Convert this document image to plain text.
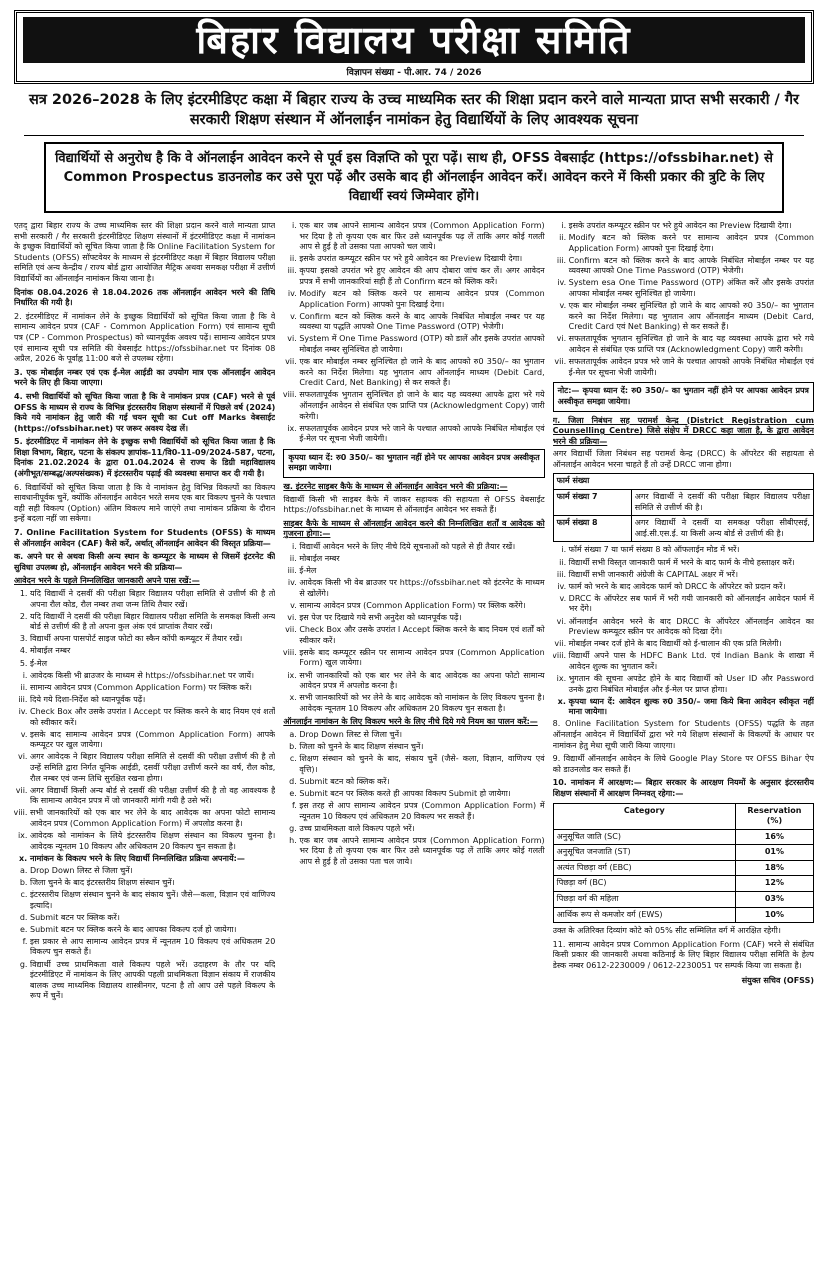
बिहार विद्यालय परीक्षा समिति
विज्ञापन संख्या - पी.आर. 74 / 2026
सत्र 2026–2028 के लिए इंटरमीडिएट कक्षा में बिहार राज्य के उच्च माध्यमिक स्तर की शिक्षा प्रदान करने वाले मान्यता प्राप्त सभी सरकारी / गैर सरकारी शिक्षण संस्थान में ऑनलाईन नामांकन हेतु विद्यार्थियों के लिए आवश्यक सूचना
विद्यार्थियों से अनुरोध है कि वे ऑनलाईन आवेदन करने से पूर्व इस विज्ञप्ति को पूरा पढ़ें। साथ ही, OFSS वेबसाईट (https://ofssbihar.net) से Common Prospectus डाउनलोड कर उसे पूरा पढ़ें और उसके बाद ही ऑनलाईन आवेदन करें। आवेदन करने में किसी प्रकार की त्रुटि के लिए विद्यार्थी स्वयं जिम्मेवार होंगे।

एतद् द्वारा बिहार राज्य के उच्च माध्यमिक स्तर की शिक्षा प्रदान करने वाले मान्यता प्राप्त सभी सरकारी / गैर सरकारी इंटरमीडिएट शिक्षण संस्थानों में इंटरमीडिएट कक्षा में नामांकन के इच्छुक विद्यार्थियों को सूचित किया जाता है कि Online Facilitation System for Students (OFSS) सॉफ्टवेयर के माध्यम से इंटरमीडिएट कक्षा में बिहार विद्यालय परीक्षा समिति एवं अन्य केन्द्रीय / राज्य बोर्ड द्वारा आयोजित मैट्रिक अथवा समकक्ष परीक्षा में उत्तीर्ण विद्यार्थियों का ऑनलाईन नामांकन किया जाना है।

दिनांक 08.04.2026 से 18.04.2026 तक ऑनलाईन आवेदन भरने की तिथि निर्धारित की गयी है।

2. इंटरमीडिएट में नामांकन लेने के इच्छुक विद्यार्थियों को सूचित किया जाता है कि वे सामान्य आवेदन प्रपत्र (CAF - Common Application Form) एवं सामान्य सूची पत्र (CP - Common Prospectus) को ध्यानपूर्वक अवश्य पढ़ें। सामान्य आवेदन प्रपत्र एवं सामान्य सूची पत्र समिति की वेबसाईट https://ofssbihar.net पर दिनांक 08 अप्रैल, 2026 के पूर्वाह्न 11:00 बजे से उपलब्ध रहेगा।

3. एक मोबाईल नम्बर एवं एक ई-मेल आईडी का उपयोग मात्र एक ऑनलाईन आवेदन भरने के लिए ही किया जाएगा।

4. सभी विद्यार्थियों को सूचित किया जाता है कि वे नामांकन प्रपत्र (CAF) भरने से पूर्व OFSS के माध्यम से राज्य के विभिन्न इंटरस्तरीय शिक्षण संस्थानों में पिछले वर्ष (2024) किये गये नामांकन हेतु जारी की गई चयन सूची का Cut off Marks वेबसाईट (https://ofssbihar.net) पर जरूर अवश्य देख लें।

5. इंटरमीडिएट में नामांकन लेने के इच्छुक सभी विद्यार्थियों को सूचित किया जाता है कि शिक्षा विभाग, बिहार, पटना के संकल्प ज्ञापांक-11/वि0-11-09/2024-587, पटना, दिनांक 21.02.2024 के द्वारा 01.04.2024 से राज्य के डिग्री महाविद्यालय (अंगीभूत/सम्बद्ध/अल्पसंख्यक) में इंटरस्तरीय पढ़ाई की व्यवस्था समाप्त कर दी गयी है।

6. विद्यार्थियों को सूचित किया जाता है कि वे नामांकन हेतु विभिन्न विकल्पों का विकल्प सावधानीपूर्वक चुनें, क्योंकि ऑनलाईन आवेदन भरते समय एक बार विकल्प चुनने के पश्चात वही सही विकल्प (Option) अंतिम विकल्प माने जाएंगे तथा नामांकन प्रक्रिया के दौरान इन्हें बदला नहीं जा सकेगा।

7. Online Facilitation System for Students (OFSS) के माध्यम से ऑनलाईन आवेदन (CAF) कैसे करें, अर्थात् ऑनलाईन आवेदन की विस्तृत प्रक्रिया—

क. अपने घर से अथवा किसी अन्य स्थान के कम्प्यूटर के माध्यम से जिसमें इंटरनेट की सुविधा उपलब्ध हो, ऑनलाईन आवेदन भरने की प्रक्रिया—

आवेदन भरने के पहले निम्नलिखित जानकारी अपने पास रखें:—
1. यदि विद्यार्थी ने दसवीं की परीक्षा बिहार विद्यालय परीक्षा समिति से उत्तीर्ण की है तो अपना रौल कोड, रौल नम्बर तथा जन्म तिथि तैयार रखें।
2. यदि विद्यार्थी ने दसवीं की परीक्षा बिहार विद्यालय परीक्षा समिति के समकक्ष किसी अन्य बोर्ड से उत्तीर्ण की है तो अपना कुल अंक एवं प्राप्तांक तैयार रखें।
3. विद्यार्थी अपना पासपोर्ट साइज फोटो का स्कैन कॉपी कम्प्यूटर में तैयार रखें।
4. मोबाईल नम्बर
5. ई-मेल
i. आवेदक किसी भी ब्राउजर के माध्यम से https://ofssbihar.net पर जायें।
ii. सामान्य आवेदन प्रपत्र (Common Application Form) पर क्लिक करें।
iii. दिये गये दिशा-निर्देश को ध्यानपूर्वक पढ़ें।
iv. Check Box और उसके उपरांत I Accept पर क्लिक करने के बाद नियम एवं शर्तों को स्वीकार करें।
v. इसके बाद सामान्य आवेदन प्रपत्र (Common Application Form) आपके कम्प्यूटर पर खुल जायेगा।
vi. अगर आवेदक ने बिहार विद्यालय परीक्षा समिति से दसवीं की परीक्षा उत्तीर्ण की है तो उन्हें समिति द्वारा निर्गत यूनिक आईडी, दसवीं परीक्षा उत्तीर्ण करने का वर्ष, रौल कोड, रौल नम्बर एवं जन्म तिथि सुरक्षित रखना होगा।
vii. अगर विद्यार्थी किसी अन्य बोर्ड से दसवीं की परीक्षा उत्तीर्ण की है तो वह आवश्यक है कि सामान्य आवेदन प्रपत्र में जो जानकारी मांगी गयी है उसे भरें।
viii. सभी जानकारियों को एक बार भर लेने के बाद आवेदक का अपना फोटो सामान्य आवेदन प्रपत्र (Common Application Form) में अपलोड करना है।
ix. आवेदक को नामांकन के लिये इंटरस्तरीय शिक्षण संस्थान का विकल्प चुनना है। आवेदक न्यूनतम 10 विकल्प और अधिकतम 20 विकल्प चुन सकता है।
x. नामांकन के विकल्प भरने के लिए विद्यार्थी निम्नलिखित प्रक्रिया अपनायें:—
a. Drop Down लिस्ट से जिला चुनें।
b. जिला चुनने के बाद इंटरस्तरीय शिक्षण संस्थान चुनें।
c. इंटरस्तरीय शिक्षण संस्थान चुनने के बाद संकाय चुनें। जैसे—कला, विज्ञान एवं वाणिज्य इत्यादि।
d. Submit बटन पर क्लिक करें।
e. Submit बटन पर क्लिक करने के बाद आपका विकल्प दर्ज हो जायेगा।
f. इस प्रकार से आप सामान्य आवेदन प्रपत्र में न्यूनतम 10 विकल्प एवं अधिकतम 20 विकल्प चुन सकते हैं।
g. विद्यार्थी उच्च प्राथमिकता वाले विकल्प पहले भरें। उदाहरण के तौर पर यदि इंटरमीडिएट में नामांकन के लिए आपकी पहली प्राथमिकता विज्ञान संकाय में राजकीय बालक उच्च माध्यमिक विद्यालय शास्त्रीनगर, पटना है तो आप उसे पहले विकल्प के रूप में चुनें।
i. एक बार जब आपने सामान्य आवेदन प्रपत्र (Common Application Form) भर दिया है तो कृपया एक बार फिर उसे ध्यानपूर्वक पढ़ लें ताकि अगर कोई गलती आप से हुई है तो उसका पता आपको चल जाये।
ii. इसके उपरांत कम्प्यूटर स्क्रीन पर भरे हुये आवेदन का Preview दिखायी देगा।
iii. कृपया इसको उपरांत भरे हुए आवेदन की आप दोबारा जांच कर लें। अगर आवेदन प्रपत्र में सभी जानकारियां सही हैं तो Confirm बटन को क्लिक करें।
iv. Modify बटन को क्लिक करने पर सामान्य आवेदन प्रपत्र (Common Application Form) आपको पुनः दिखाई देगा।
v. Confirm बटन को क्लिक करने के बाद आपके निबंधित मोबाईल नम्बर पर यह व्यवस्था या पद्धति आपको One Time Password (OTP) भेजेगी।
vi. System में One Time Password (OTP) को डालें और इसके उपरांत आपको मोबाईल नम्बर सुनिश्चित हो जायेगा।
vii. एक बार मोबाईल नम्बर सुनिश्चित हो जाने के बाद आपको रु0 350/– का भुगतान करने का निर्देश मिलेगा। यह भुगतान आप ऑनलाईन माध्यम (Debit Card, Credit Card, Net Banking) से कर सकते हैं।
viii. सफलतापूर्वक भुगतान सुनिश्चित हो जाने के बाद यह व्यवस्था आपके द्वारा भरे गये ऑनलाईन आवेदन से संबंधित एक प्राप्ति पत्र (Acknowledgment Copy) जारी करेगी।
ix. सफलतापूर्वक आवेदन प्रपत्र भरे जाने के पश्चात आपको आपके निबंधित मोबाईल एवं ई-मेल पर सूचना भेजी जायेगी।
कृपया ध्यान दें: रु0 350/– का भुगतान नहीं होने पर आपका आवेदन प्रपत्र अस्वीकृत समझा जायेगा।
ख. इंटरनेट साइबर कैफे के माध्यम से ऑनलाईन आवेदन भरने की प्रक्रिया:—

विद्यार्थी किसी भी साइबर कैफे में जाकर सहायक की सहायता से OFSS वेबसाईट https://ofssbihar.net के माध्यम से ऑनलाईन आवेदन भर सकते हैं।

साइबर कैफे के माध्यम से ऑनलाईन आवेदन करने की निम्नलिखित शर्तों व आवेदक को गुजरना होगा:—
i. विद्यार्थी आवेदन भरने के लिए नीचे दिये सूचनाओं को पहले से ही तैयार रखें।
ii. मोबाईल नम्बर
iii. ई-मेल
iv. आवेदक किसी भी वेब ब्राउजर पर https://ofssbihar.net को इंटरनेट के माध्यम से खोलेंगे।
v. सामान्य आवेदन प्रपत्र (Common Application Form) पर क्लिक करेंगे।
vi. इस पेज पर दिखाये गये सभी अनुदेश को ध्यानपूर्वक पढ़ें।
vii. Check Box और उसके उपरांत I Accept क्लिक करने के बाद नियम एवं शर्तों को स्वीकार करें।
viii. इसके बाद कम्प्यूटर स्क्रीन पर सामान्य आवेदन प्रपत्र (Common Application Form) खुल जायेगा।
ix. सभी जानकारियों को एक बार भर लेने के बाद आवेदक का अपना फोटो सामान्य आवेदन प्रपत्र में अपलोड करना है।
x. सभी जानकारियों को भर लेने के बाद आवेदक को नामांकन के लिए विकल्प चुनना है। आवेदक न्यूनतम 10 विकल्प और अधिकतम 20 विकल्प चुन सकता है।
ऑनलाईन नामांकन के लिए विकल्प भरने के लिए नीचे दिये गये नियम का पालन करें:—
a. Drop Down लिस्ट से जिला चुनें।
b. जिला को चुनने के बाद शिक्षण संस्थान चुनें।
c. शिक्षण संस्थान को चुनने के बाद, संकाय चुनें (जैसे- कला, विज्ञान, वाणिज्य एवं वृत्ति)।
d. Submit बटन को क्लिक करें।
e. Submit बटन पर क्लिक करते ही आपका विकल्प Submit हो जायेगा।
f. इस तरह से आप सामान्य आवेदन प्रपत्र (Common Application Form) में न्यूनतम 10 विकल्प एवं अधिकतम 20 विकल्प भर सकते हैं।
g. उच्च प्राथमिकता वाले विकल्प पहले भरें।
h. एक बार जब आपने सामान्य आवेदन प्रपत्र (Common Application Form) भर दिया है तो कृपया एक बार फिर उसे ध्यानपूर्वक पढ़ लें ताकि अगर कोई गलती आप से हुई है तो उसका पता चल जाये।
i. इसके उपरांत कम्प्यूटर स्क्रीन पर भरे हुये आवेदन का Preview दिखायी देगा।
ii. Modify बटन को क्लिक करने पर सामान्य आवेदन प्रपत्र (Common Application Form) आपको पुनः दिखाई देगा।
iii. Confirm बटन को क्लिक करने के बाद आपके निबंधित मोबाईल नम्बर पर यह व्यवस्था आपको One Time Password (OTP) भेजेगी।
iv. System esa One Time Password (OTP) अंकित करें और इसके उपरांत आपका मोबाईल नम्बर सुनिश्चित हो जायेगा।
v. एक बार मोबाईल नम्बर सुनिश्चित हो जाने के बाद आपको रु0 350/– का भुगतान करने का निर्देश मिलेगा। यह भुगतान आप ऑनलाईन माध्यम (Debit Card, Credit Card एवं Net Banking) से कर सकते हैं।
vi. सफलतापूर्वक भुगतान सुनिश्चित हो जाने के बाद यह व्यवस्था आपके द्वारा भरे गये आवेदन से संबंधित एक प्राप्ति पत्र (Acknowledgment Copy) जारी करेगी।
vii. सफलतापूर्वक आवेदन प्रपत्र भरे जाने के पश्चात आपको आपके निबंधित मोबाईल एवं ई-मेल पर सूचना भेजी जायेगी।
नोट:— कृपया ध्यान दें: रु0 350/– का भुगतान नहीं होने पर आपका आवेदन प्रपत्र अस्वीकृत समझा जायेगा।
ग. जिला निबंधन सह परामर्श केन्द्र (District Registration cum Counselling Centre) जिसे संक्षेप में DRCC कहा जाता है, के द्वारा आवेदन भरने की प्रक्रिया—

अगर विद्यार्थी जिला निबंधन सह परामर्श केन्द्र (DRCC) के ऑपरेटर की सहायता से ऑनलाईन आवेदन भरना चाहते हैं तो उन्हें DRCC जाना होगा।

फार्म संख्या	
फार्म संख्या 7	अगर विद्यार्थी ने दसवीं की परीक्षा बिहार विद्यालय परीक्षा समिति से उत्तीर्ण की है।
फार्म संख्या 8	अगर विद्यार्थी ने दसवीं या समकक्ष परीक्षा सीबीएसई, आई.सी.एस.ई. या किसी अन्य बोर्ड से उत्तीर्ण की है।
i. फॉर्म संख्या 7 या फार्म संख्या 8 को ऑफलाईन मोड में भरें।
ii. विद्यार्थी सभी विस्तृत जानकारी फार्म में भरने के बाद फार्म के नीचे हस्ताक्षर करें।
iii. विद्यार्थी सभी जानकारी अंग्रेजी के CAPITAL अक्षर में भरें।
iv. फार्म को भरने के बाद आवेदक फार्म को DRCC के ऑपरेटर को प्रदान करें।
v. DRCC के ऑपरेटर सब फार्म में भरी गयी जानकारी को ऑनलाईन आवेदन फार्म में भर देंगे।
vi. ऑनलाईन आवेदन भरने के बाद DRCC के ऑपरेटर ऑनलाईन आवेदन का Preview कम्प्यूटर स्क्रीन पर आवेदक को दिखा देंगे।
vii. मोबाईल नम्बर दर्ज होने के बाद विद्यार्थी को ई-चालान की एक प्रति मिलेगी।
viii. विद्यार्थी अपने पास के HDFC Bank Ltd. एवं Indian Bank के शाखा में आवेदन शुल्क का भुगतान करें।
ix. भुगतान की सूचना अपडेट होने के बाद विद्यार्थी को User ID और Password उनके द्वारा निबंधित मोबाईल और ई-मेल पर प्राप्त होगा।
x. कृपया ध्यान दें: आवेदन शुल्क रु0 350/– जमा किये बिना आवेदन स्वीकृत नहीं माना जायेगा।

8. Online Facilitation System for Students (OFSS) पद्धति के तहत ऑनलाईन आवेदन में विद्यार्थियों द्वारा भरे गये शिक्षण संस्थानों के विकल्पों के आधार पर नामांकन हेतु मेधा सूची जारी किया जाएगा।

9. विद्यार्थी ऑनलाईन आवेदन के लिये Google Play Store पर OFSS Bihar ऐप को डाउनलोड कर सकते हैं।

10. नामांकन में आरक्षण:— बिहार सरकार के आरक्षण नियमों के अनुसार इंटरस्तरीय शिक्षण संस्थानों में आरक्षण निम्नवत् रहेगा:—

Category	Reservation (%)
अनुसूचित जाति (SC)	16%
अनुसूचित जनजाति (ST)	01%
अत्यंत पिछड़ा वर्ग (EBC)	18%
पिछड़ा वर्ग (BC)	12%
पिछड़ा वर्ग की महिला	03%
आर्थिक रूप से कमजोर वर्ग (EWS)	10%

उक्त के अतिरिक्त दिव्यांग कोटे को 05% सीट सम्मिलित वर्ग में आरक्षित रहेगी।

11. सामान्य आवेदन प्रपत्र Common Application Form (CAF) भरने से संबंधित किसी प्रकार की जानकारी अथवा कठिनाई के लिए बिहार विद्यालय परीक्षा समिति के हेल्प डेस्क नम्बर 0612-2230009 / 0612-2230051 पर सम्पर्क किया जा सकता है।

संयुक्त सचिव (OFSS)
